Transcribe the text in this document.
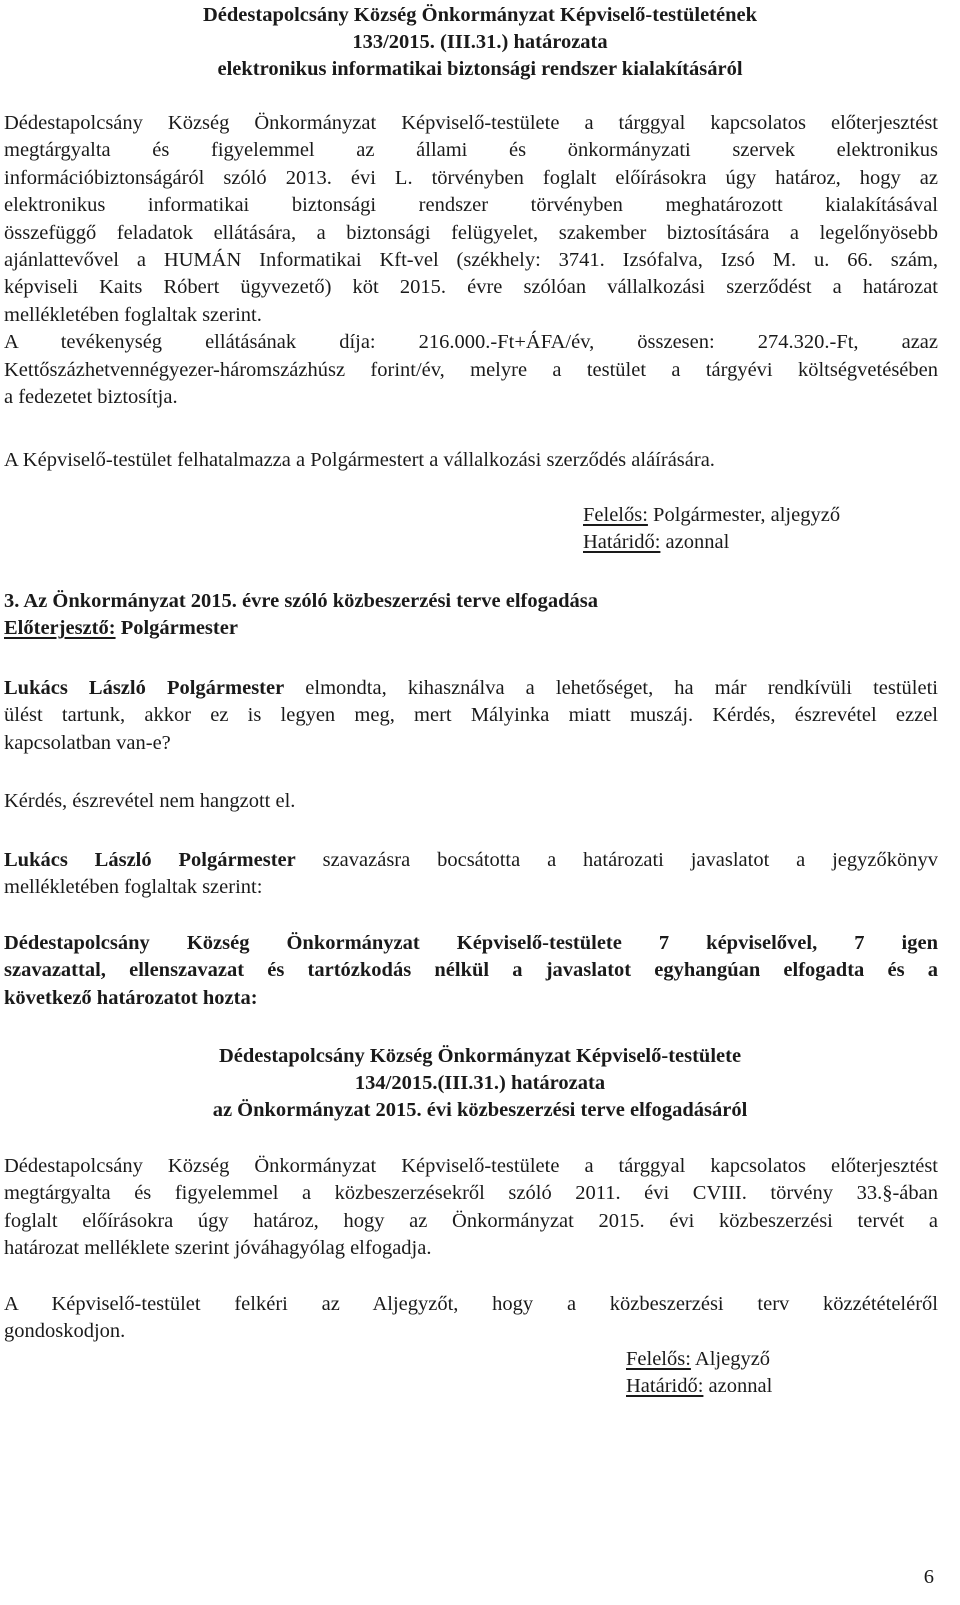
Dédestapolcsány Község Önkormányzat Képviselő-testületének
133/2015. (III.31.) határozata
elektronikus informatikai biztonsági rendszer kialakításáról
Dédestapolcsány Község Önkormányzat Képviselő-testülete a tárggyal kapcsolatos előterjesztést
megtárgyalta és figyelemmel az állami és önkormányzati szervek elektronikus
információbiztonságáról szóló 2013. évi L. törvényben foglalt előírásokra úgy határoz, hogy az
elektronikus informatikai biztonsági rendszer törvényben meghatározott kialakításával
összefüggő feladatok ellátására, a biztonsági felügyelet, szakember biztosítására a legelőnyösebb
ajánlattevővel a HUMÁN Informatikai Kft-vel (székhely: 3741. Izsófalva, Izsó M. u. 66. szám,
képviseli Kaits Róbert ügyvezető) köt 2015. évre szólóan vállalkozási szerződést a határozat
mellékletében foglaltak szerint.
A tevékenység ellátásának díja: 216.000.-Ft+ÁFA/év, összesen: 274.320.-Ft, azaz
Kettőszázhetvennégyezer-háromszázhúsz forint/év, melyre a testület a tárgyévi költségvetésében
a fedezetet biztosítja.
A Képviselő-testület felhatalmazza a Polgármestert a vállalkozási szerződés aláírására.
Felelős: Polgármester, aljegyző
Határidő: azonnal
3. Az Önkormányzat 2015. évre szóló közbeszerzési terve elfogadása
Előterjesztő: Polgármester
Lukács László Polgármester elmondta, kihasználva a lehetőséget, ha már rendkívüli testületi
ülést tartunk, akkor ez is legyen meg, mert Mályinka miatt muszáj. Kérdés, észrevétel ezzel
kapcsolatban van-e?
Kérdés, észrevétel nem hangzott el.
Lukács László Polgármester szavazásra bocsátotta a határozati javaslatot a jegyzőkönyv
mellékletében foglaltak szerint:
Dédestapolcsány Község Önkormányzat Képviselő-testülete 7 képviselővel, 7 igen
szavazattal, ellenszavazat és tartózkodás nélkül a javaslatot egyhangúan elfogadta és a
következő határozatot hozta:
Dédestapolcsány Község Önkormányzat Képviselő-testülete
134/2015.(III.31.) határozata
az Önkormányzat 2015. évi közbeszerzési terve elfogadásáról
Dédestapolcsány Község Önkormányzat Képviselő-testülete a tárggyal kapcsolatos előterjesztést
megtárgyalta és figyelemmel a közbeszerzésekről szóló 2011. évi CVIII. törvény 33.§-ában
foglalt előírásokra úgy határoz, hogy az Önkormányzat 2015. évi közbeszerzési tervét a
határozat melléklete szerint jóváhagyólag elfogadja.
A Képviselő-testület felkéri az Aljegyzőt, hogy a közbeszerzési terv közzétételéről
gondoskodjon.
Felelős: Aljegyző
Határidő: azonnal
6
